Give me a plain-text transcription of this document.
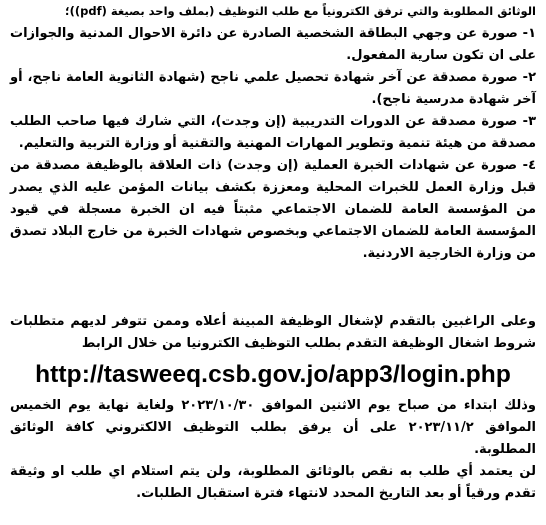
الوثائق المطلوبة والتي ترفق الكترونياً مع طلب التوظيف (بملف واحد بصيغة (pdf))؛

١- صورة عن وجهي البطاقة الشخصية الصادرة عن دائرة الاحوال المدنية والجوازات على ان تكون سارية المفعول.

٢- صورة مصدقة عن آخر شهادة تحصيل علمي ناجح (شهادة الثانوية العامة ناجح، أو آخر شهادة مدرسية ناجح).

٣- صورة مصدقة عن الدورات التدريبية (إن وجدت)، التي شارك فيها صاحب الطلب مصدقة من هيئة تنمية وتطوير المهارات المهنية والتقنية أو وزارة التربية والتعليم.

٤- صورة عن شهادات الخبرة العملية (إن وجدت) ذات العلاقة بالوظيفة مصدقة من قبل وزارة العمل للخبرات المحلية ومعززة بكشف بيانات المؤمن عليه الذي يصدر من المؤسسة العامة للضمان الاجتماعي مثبتاً فيه ان الخبرة مسجلة في قيود المؤسسة العامة للضمان الاجتماعي وبخصوص شهادات الخبرة من خارج البلاد تصدق من وزارة الخارجية الاردنية.

وعلى الراغبين بالتقدم لإشغال الوظيفة المبينة أعلاه وممن تتوفر لديهم متطلبات شروط اشغال الوظيفة التقدم بطلب التوظيف الكترونيا من خلال الرابط

http://tasweeq.csb.gov.jo/app3/login.php

وذلك ابتداء من صباح يوم الاثنين الموافق ٢٠٢٣/١٠/٣٠ ولغاية نهاية يوم الخميس الموافق ٢٠٢٣/١١/٢ على أن يرفق بطلب التوظيف الالكتروني كافة الوثائق المطلوبة.

لن يعتمد أي طلب به نقص بالوثائق المطلوبة، ولن يتم استلام اي طلب او وثيقة تقدم ورقياً أو بعد التاريخ المحدد لانتهاء فترة استقبال الطلبات.
